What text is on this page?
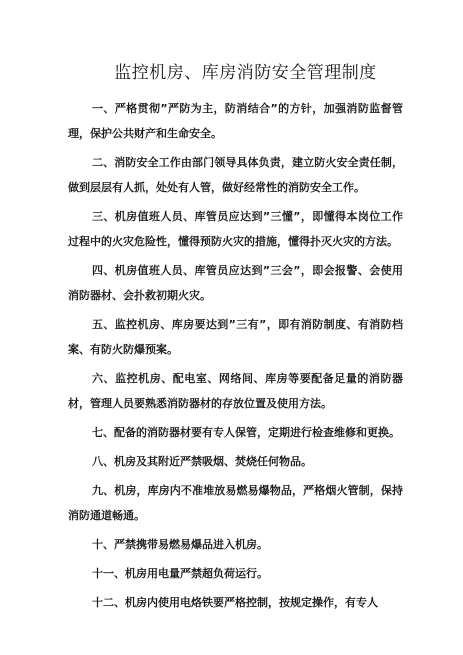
监控机房、库房消防安全管理制度

一、严格贯彻”严防为主，防消结合”的方针，加强消防监督管理，保护公共财产和生命安全。

二、消防安全工作由部门领导具体负责，建立防火安全责任制，做到层层有人抓，处处有人管，做好经常性的消防安全工作。

三、机房值班人员、库管员应达到”三懂”，即懂得本岗位工作过程中的火灾危险性，懂得预防火灾的措施，懂得扑灭火灾的方法。

四、机房值班人员、库管员应达到”三会”，即会报警、会使用消防器材、会扑救初期火灾。

五、监控机房、库房要达到”三有”，即有消防制度、有消防档案、有防火防爆预案。

六、监控机房、配电室、网络间、库房等要配备足量的消防器材，管理人员要熟悉消防器材的存放位置及使用方法。

七、配备的消防器材要有专人保管，定期进行检查维修和更换。

八、机房及其附近严禁吸烟、焚烧任何物品。

九、机房，库房内不准堆放易燃易爆物品，严格烟火管制，保持消防通道畅通。

十、严禁携带易燃易爆品进入机房。

十一、机房用电量严禁超负荷运行。

十二、机房内使用电烙铁要严格控制，按规定操作，有专人
